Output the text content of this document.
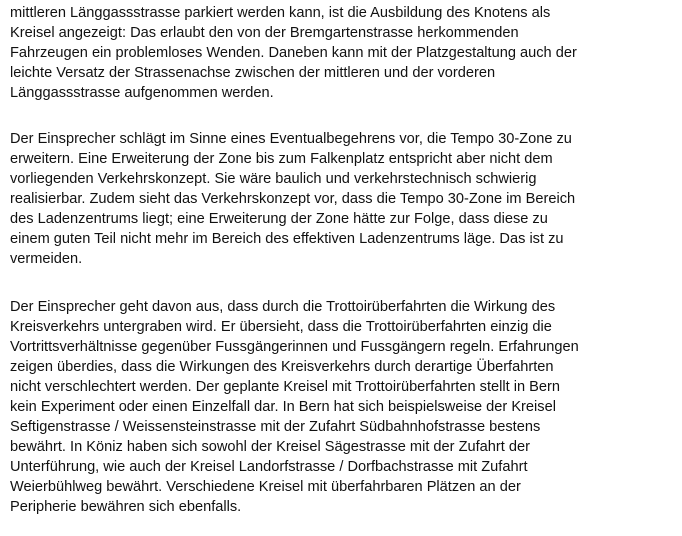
mittleren Länggassstrasse parkiert werden kann, ist die Ausbildung des Knotens als
Kreisel angezeigt: Das erlaubt den von der Bremgartenstrasse herkommenden
Fahrzeugen ein problemloses Wenden. Daneben kann mit der Platzgestaltung auch der
leichte Versatz der Strassenachse zwischen der mittleren und der vorderen
Länggassstrasse aufgenommen werden.
Der Einsprecher schlägt im Sinne eines Eventualbegehrens vor, die Tempo 30-Zone zu
erweitern. Eine Erweiterung der Zone bis zum Falkenplatz entspricht aber nicht dem
vorliegenden Verkehrskonzept. Sie wäre baulich und verkehrstechnisch schwierig
realisierbar. Zudem sieht das Verkehrskonzept vor, dass die Tempo 30-Zone im Bereich
des Ladenzentrums liegt; eine Erweiterung der Zone hätte zur Folge, dass diese zu
einem guten Teil nicht mehr im Bereich des effektiven Ladenzentrums läge. Das ist zu
vermeiden.
Der Einsprecher geht davon aus, dass durch die Trottoirüberfahrten die Wirkung des
Kreisverkehrs untergraben wird. Er übersieht, dass die Trottoirüberfahrten einzig die
Vortrittsverhältnisse gegenüber Fussgängerinnen und Fussgängern regeln. Erfahrungen
zeigen überdies, dass die Wirkungen des Kreisverkehrs durch derartige Überfahrten
nicht verschlechtert werden. Der geplante Kreisel mit Trottoirüberfahrten stellt in Bern
kein Experiment oder einen Einzelfall dar. In Bern hat sich beispielsweise der Kreisel
Seftigenstrasse / Weissensteinstrasse mit der Zufahrt Südbahnhofstrasse bestens
bewährt. In Köniz haben sich sowohl der Kreisel Sägestrasse mit der Zufahrt der
Unterführung, wie auch der Kreisel Landorfstrasse / Dorfbachstrasse mit Zufahrt
Weierbühlweg bewährt. Verschiedene Kreisel mit überfahrbaren Plätzen an der
Peripherie bewähren sich ebenfalls.
